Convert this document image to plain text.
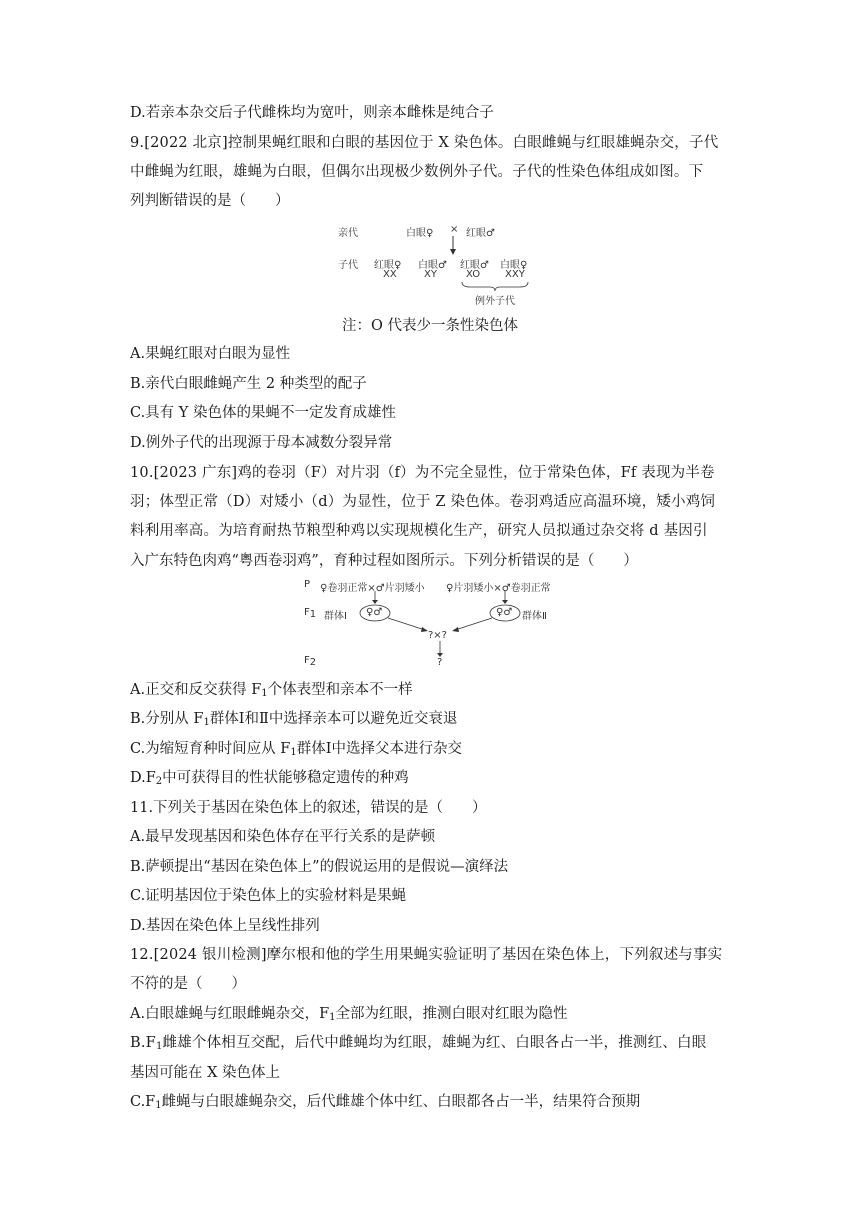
D.若亲本杂交后子代雌株均为宽叶，则亲本雌株是纯合子
9.[2022 北京]控制果蝇红眼和白眼的基因位于 X 染色体。白眼雌蝇与红眼雄蝇杂交，子代
中雌蝇为红眼，雄蝇为白眼，但偶尔出现极少数例外子代。子代的性染色体组成如图。下
列判断错误的是（　　）
亲代	白眼♀ × 红眼♂
子代 红眼♀ 白眼♂ 红眼♂ 白眼♀
XX	XY	XO XXY
例外子代
注：O 代表少一条性染色体
A.果蝇红眼对白眼为显性
B.亲代白眼雌蝇产生 2 种类型的配子
C.具有 Y 染色体的果蝇不一定发育成雄性
D.例外子代的出现源于母本减数分裂异常
10.[2023 广东]鸡的卷羽（F）对片羽（f）为不完全显性，位于常染色体，Ff 表现为半卷
羽；体型正常（D）对矮小（d）为显性，位于 Z 染色体。卷羽鸡适应高温环境，矮小鸡饲
料利用率高。为培育耐热节粮型种鸡以实现规模化生产，研究人员拟通过杂交将 d 基因引
入广东特色肉鸡“粤西卷羽鸡”，育种过程如图所示。下列分析错误的是（　　）
P ♀卷羽正常×♂片羽矮小 ♀片羽矮小×♂卷羽正常
$F_1$ 群体Ⅰ ♀♂	♀♂ 群体Ⅱ
?×?
$F_2$	?
A.正交和反交获得 $F_1$个体表型和亲本不一样
B.分别从 $F_1$群体Ⅰ和Ⅱ中选择亲本可以避免近交衰退
C.为缩短育种时间应从 $F_1$群体Ⅰ中选择父本进行杂交
$D.F_2$中可获得目的性状能够稳定遗传的种鸡
11.下列关于基因在染色体上的叙述，错误的是（　　）
A.最早发现基因和染色体存在平行关系的是萨顿
B.萨顿提出“基因在染色体上”的假说运用的是假说—演绎法
C.证明基因位于染色体上的实验材料是果蝇
D.基因在染色体上呈线性排列
12.[2024 银川检测]摩尔根和他的学生用果蝇实验证明了基因在染色体上，下列叙述与事实
不符的是（　　）
A.白眼雄蝇与红眼雌蝇杂交，$F_1$全部为红眼，推测白眼对红眼为隐性
$B.F_1$雌雄个体相互交配，后代中雌蝇均为红眼，雄蝇为红、白眼各占一半，推测红、白眼
基因可能在 X 染色体上
$C.F_1$雌蝇与白眼雄蝇杂交，后代雌雄个体中红、白眼都各占一半，结果符合预期
